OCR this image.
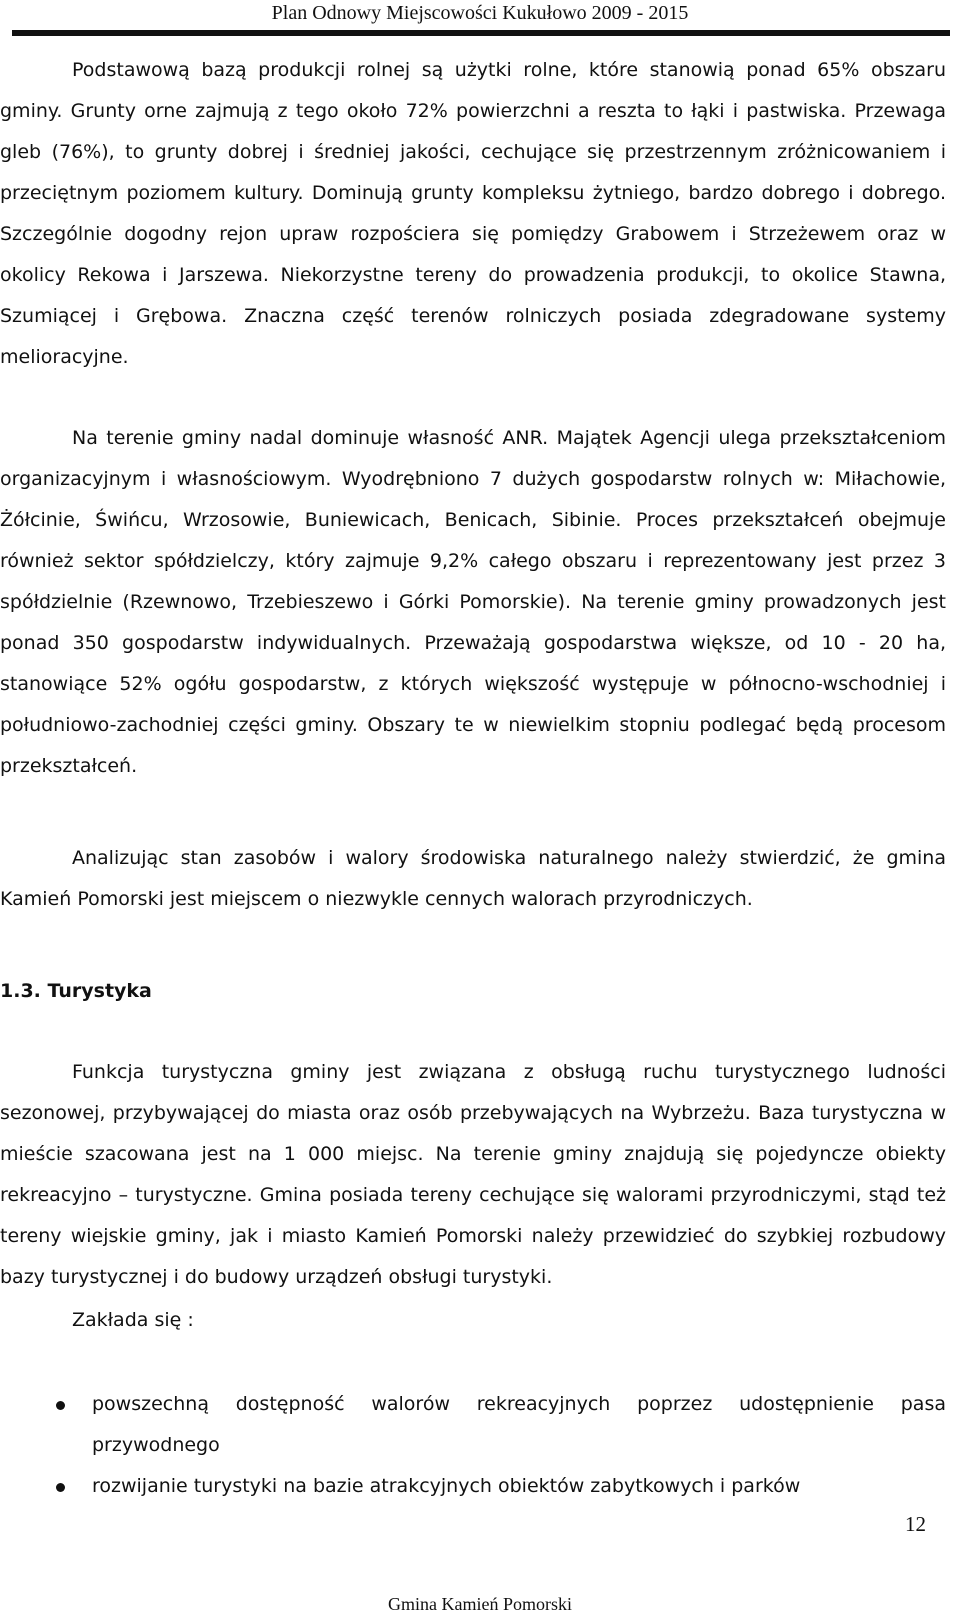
Plan Odnowy Miejscowości Kukułowo 2009 - 2015

Podstawową bazą produkcji rolnej są użytki rolne, które stanowią ponad 65% obszaru gminy. Grunty orne zajmują z tego około 72% powierzchni a reszta to łąki i pastwiska. Przewaga gleb (76%), to grunty dobrej i średniej jakości, cechujące się przestrzennym zróżnicowaniem i przeciętnym poziomem kultury. Dominują grunty kompleksu żytniego, bardzo dobrego i dobrego. Szczególnie dogodny rejon upraw rozpościera się pomiędzy Grabowem i Strzeżewem oraz w okolicy Rekowa i Jarszewa. Niekorzystne tereny do prowadzenia produkcji, to okolice Stawna, Szumiącej i Grębowa. Znaczna część terenów rolniczych posiada zdegradowane systemy melioracyjne.

Na terenie gminy nadal dominuje własność ANR. Majątek Agencji ulega przekształceniom organizacyjnym i własnościowym. Wyodrębniono 7 dużych gospodarstw rolnych w: Miłachowie, Żółcinie, Świńcu, Wrzosowie, Buniewicach, Benicach, Sibinie. Proces przekształceń obejmuje również sektor spółdzielczy, który zajmuje 9,2% całego obszaru i reprezentowany jest przez 3 spółdzielnie (Rzewnowo, Trzebieszewo i Górki Pomorskie). Na terenie gminy prowadzonych jest ponad 350 gospodarstw indywidualnych. Przeważają gospodarstwa większe, od 10 - 20 ha, stanowiące 52% ogółu gospodarstw, z których większość występuje w północno-wschodniej i południowo-zachodniej części gminy. Obszary te w niewielkim stopniu podlegać będą procesom przekształceń.

Analizując stan zasobów i walory środowiska naturalnego należy stwierdzić, że gmina Kamień Pomorski jest miejscem o niezwykle cennych walorach przyrodniczych.

1.3. Turystyka

Funkcja turystyczna gminy jest związana z obsługą ruchu turystycznego ludności sezonowej, przybywającej do miasta oraz osób przebywających na Wybrzeżu. Baza turystyczna w mieście szacowana jest na 1 000 miejsc. Na terenie gminy znajdują się pojedyncze obiekty rekreacyjno – turystyczne. Gmina posiada tereny cechujące się walorami przyrodniczymi, stąd też tereny wiejskie gminy, jak i miasto Kamień Pomorski należy przewidzieć do szybkiej rozbudowy bazy turystycznej i do budowy urządzeń obsługi turystyki.

Zakłada się :

powszechną dostępność walorów rekreacyjnych poprzez udostępnienie pasa przywodnego
rozwijanie turystyki na bazie atrakcyjnych obiektów zabytkowych i parków
12
Gmina Kamień Pomorski
